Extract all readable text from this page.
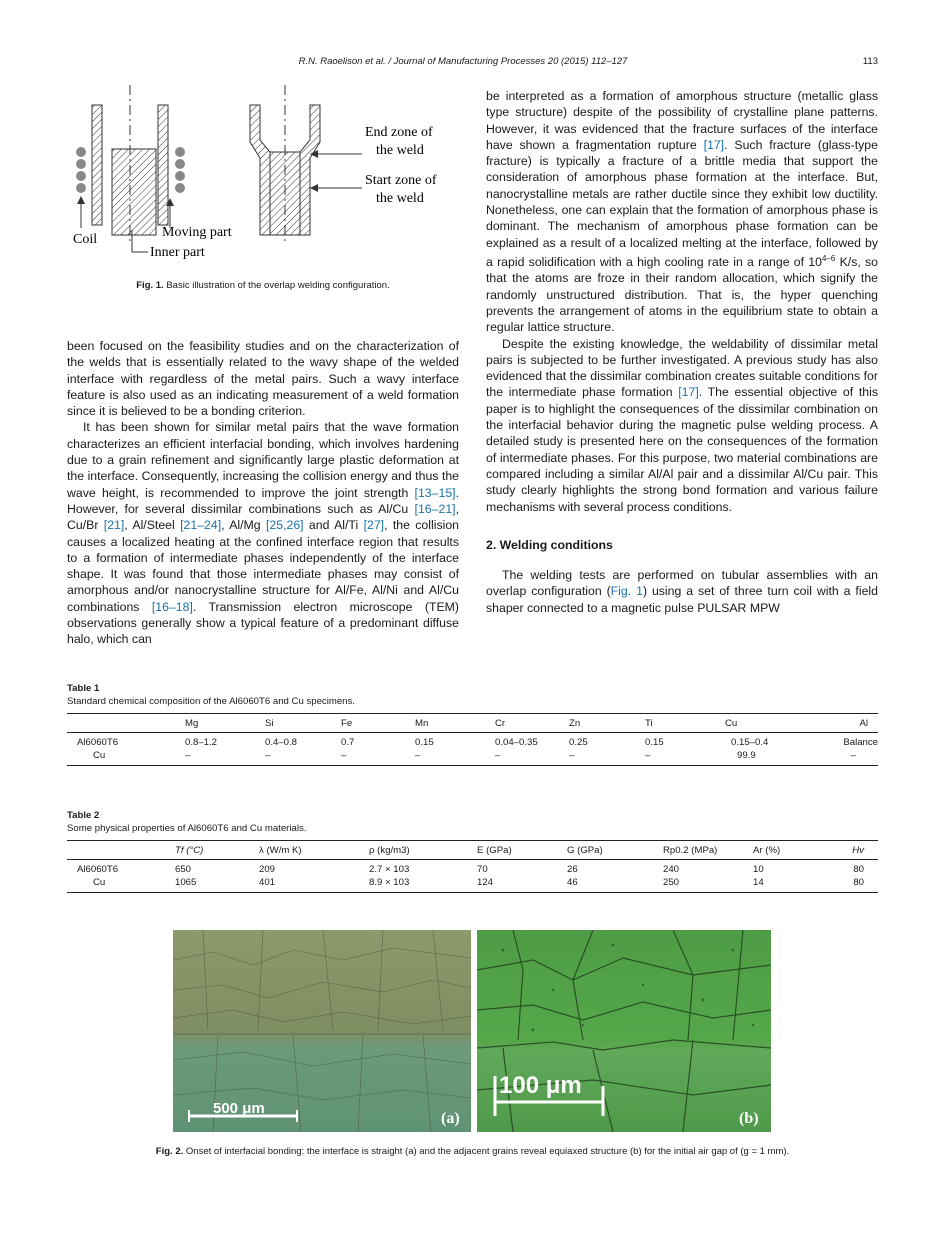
R.N. Raoelison et al. / Journal of Manufacturing Processes 20 (2015) 112–127	113
Coil	Moving part
Inner part
End zone of
the weld
Start zone of
the weld
Fig. 1. Basic illustration of the overlap welding configuration.

been focused on the feasibility studies and on the characterization of the welds that is essentially related to the wavy shape of the welded interface with regardless of the metal pairs. Such a wavy interface feature is also used as an indicating measurement of a weld formation since it is believed to be a bonding criterion.

It has been shown for similar metal pairs that the wave formation characterizes an efficient interfacial bonding, which involves hardening due to a grain refinement and significantly large plastic deformation at the interface. Consequently, increasing the collision energy and thus the wave height, is recommended to improve the joint strength [13–15]. However, for several dissimilar combinations such as Al/Cu [16–21], Cu/Br [21], Al/Steel [21–24], Al/Mg [25,26] and Al/Ti [27], the collision causes a localized heating at the confined interface region that results to a formation of intermediate phases independently of the interface shape. It was found that those intermediate phases may consist of amorphous and/or nanocrystalline structure for Al/Fe, Al/Ni and Al/Cu combinations [16–18]. Transmission electron microscope (TEM) observations generally show a typical feature of a predominant diffuse halo, which can

be interpreted as a formation of amorphous structure (metallic glass type structure) despite of the possibility of crystalline plane patterns. However, it was evidenced that the fracture surfaces of the interface have shown a fragmentation rupture [17]. Such fracture (glass-type fracture) is typically a fracture of a brittle media that support the consideration of amorphous phase formation at the interface. But, nanocrystalline metals are rather ductile since they exhibit low ductility. Nonetheless, one can explain that the formation of amorphous phase is dominant. The mechanism of amorphous phase formation can be explained as a result of a localized melting at the interface, followed by a rapid solidification with a high cooling rate in a range of 10$^{4-6}$ K/s, so that the atoms are froze in their random allocation, which signify the randomly unstructured distribution. That is, the hyper quenching prevents the arrangement of atoms in the equilibrium state to obtain a regular lattice structure.

Despite the existing knowledge, the weldability of dissimilar metal pairs is subjected to be further investigated. A previous study has also evidenced that the dissimilar combination creates suitable conditions for the intermediate phase formation [17]. The essential objective of this paper is to highlight the consequences of the dissimilar combination on the interfacial behavior during the magnetic pulse welding process. A detailed study is presented here on the consequences of the formation of intermediate phases. For this purpose, two material combinations are compared including a similar Al/Al pair and a dissimilar Al/Cu pair. This study clearly highlights the strong bond formation and various failure mechanisms with several process conditions.

2. Welding conditions

The welding tests are performed on tubular assemblies with an overlap configuration (Fig. 1) using a set of three turn coil with a field shaper connected to a magnetic pulse PULSAR MPW

Table 1
Standard chemical composition of the Al6060T6 and Cu specimens.
	Mg	Si	Fe	Mn	Cr	Zn	Ti	Cu	Al
Al6060T6	0.8–1.2	0.4–0.8	0.7	0.15	0.04–0.35	0.25	0.15	0.15–0.4	Balance
Cu	–	–	–	–	–	–	–	99.9	–
Table 2
Some physical properties of Al6060T6 and Cu materials.
	Tf (°C)	λ (W/m K)	ρ (kg/m3)	E (GPa)	G (GPa)	Rp0.2 (MPa)	Ar (%)	Hv
Al6060T6	650	209	2.7 × 103	70	26	240	10	80
Cu	1065	401	8.9 × 103	124	46	250	14	80
500 μm
(a)
100 μm
(b)
Fig. 2. Onset of interfacial bonding: the interface is straight (a) and the adjacent grains reveal equiaxed structure (b) for the initial air gap of (g = 1 mm).
